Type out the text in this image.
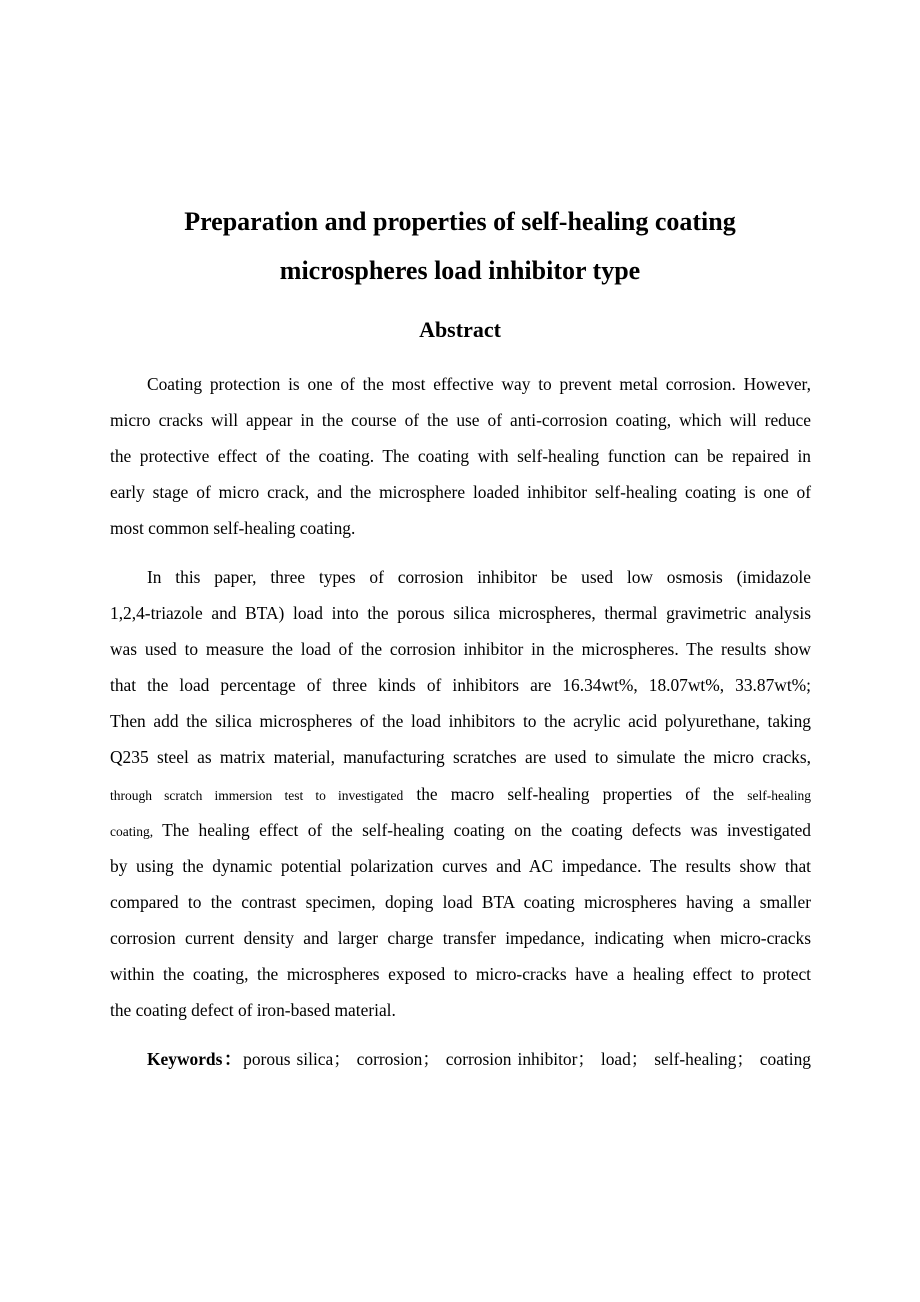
Preparation and properties of self-healing coating
microspheres load inhibitor type
Abstract
Coating protection is one of the most effective way to prevent metal corrosion. However,
micro cracks will appear in the course of the use of anti-corrosion coating, which will reduce
the protective effect of the coating. The coating with self-healing function can be repaired in
early stage of micro crack, and the microsphere loaded inhibitor self-healing coating is one of
most common self-healing coating.
In this paper, three types of corrosion inhibitor be used low osmosis (imidazole
1,2,4-triazole and BTA) load into the porous silica microspheres, thermal gravimetric analysis
was used to measure the load of the corrosion inhibitor in the microspheres. The results show
that the load percentage of three kinds of inhibitors are 16.34wt%, 18.07wt%, 33.87wt%;
Then add the silica microspheres of the load inhibitors to the acrylic acid polyurethane, taking
Q235 steel as matrix material, manufacturing scratches are used to simulate the micro cracks,
through scratch immersion test to investigated the macro self-healing properties of the self-healing
coating, The healing effect of the self-healing coating on the coating defects was investigated
by using the dynamic potential polarization curves and AC impedance. The results show that
compared to the contrast specimen, doping load BTA coating microspheres having a smaller
corrosion current density and larger charge transfer impedance, indicating when micro-cracks
within the coating, the microspheres exposed to micro-cracks have a healing effect to protect
the coating defect of iron-based material.
Keywords：porous silica； corrosion； corrosion inhibitor； load； self-healing； coating
